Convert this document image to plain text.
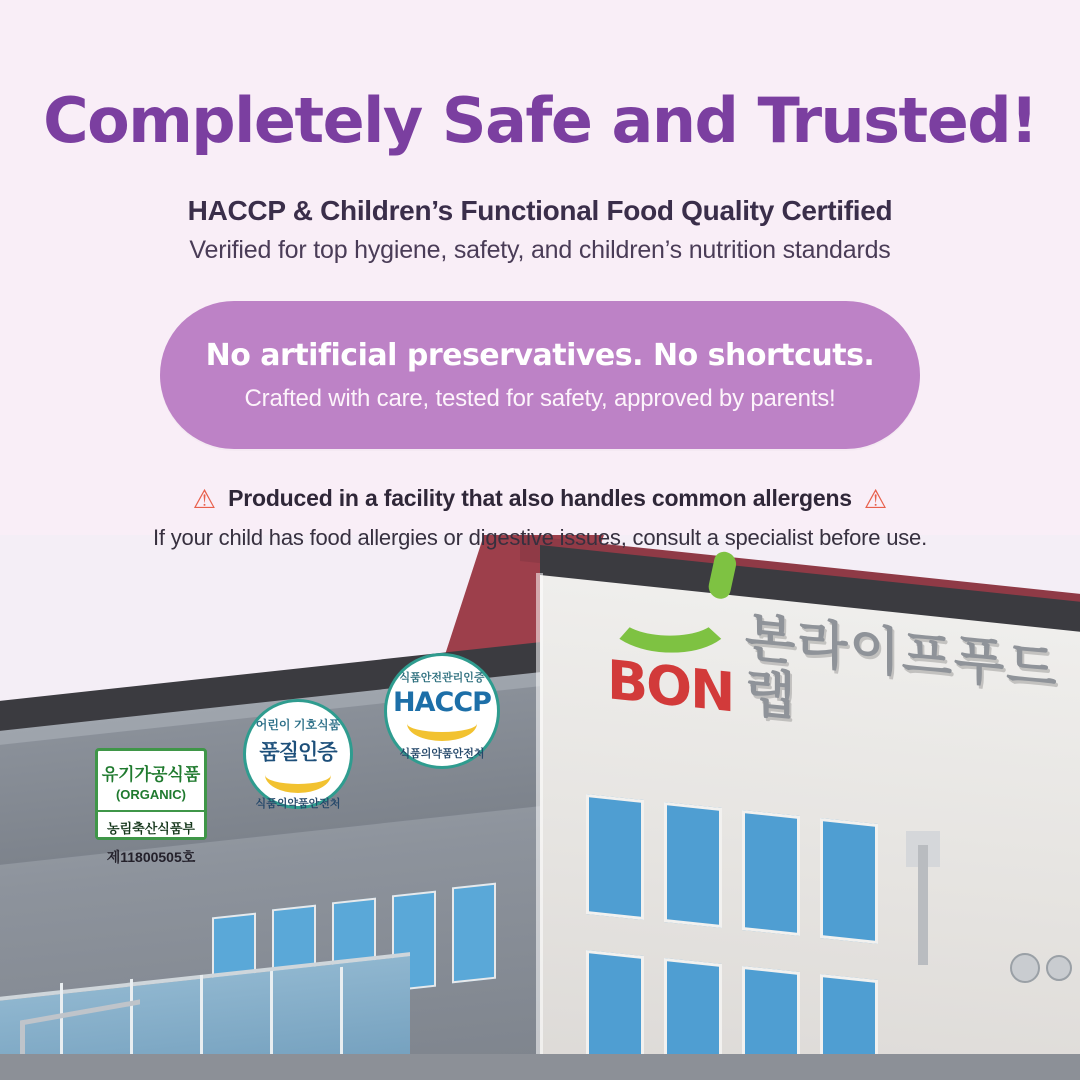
Completely Safe and Trusted!
HACCP & Children’s Functional Food Quality Certified
Verified for top hygiene, safety, and children’s nutrition standards
No artificial preservatives. No shortcuts.
Crafted with care, tested for safety, approved by parents!
⚠ Produced in a facility that also handles common allergens ⚠
If your child has food allergies or digestive issues, consult a specialist before use.
BON 본라이프푸드랩
유기가공식품
(ORGANIC)
농림축산식품부
제11800505호
어린이 기호식품
품질인증
식품의약품안전처
식품안전관리인증
HACCP
식품의약품안전처
